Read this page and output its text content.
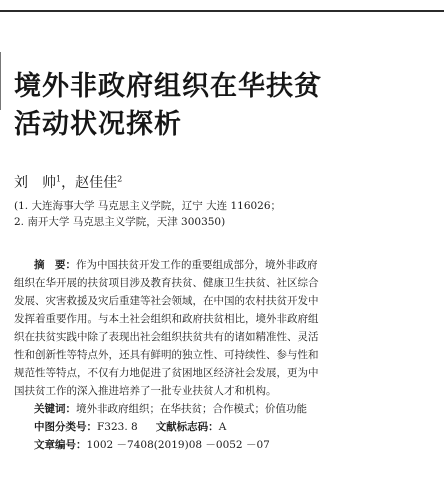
境外非政府组织在华扶贫
活动状况探析
刘　帅$^1$，赵佳佳$^2$
(1. 大连海事大学 马克思主义学院，辽宁 大连 116026；
2. 南开大学 马克思主义学院，天津 300350)
摘　要：作为中国扶贫开发工作的重要组成部分，境外非政府
组织在华开展的扶贫项目涉及教育扶贫、健康卫生扶贫、社区综合
发展、灾害救援及灾后重建等社会领域，在中国的农村扶贫开发中
发挥着重要作用。与本土社会组织和政府扶贫相比，境外非政府组
织在扶贫实践中除了表现出社会组织扶贫共有的诸如精准性、灵活
性和创新性等特点外，还具有鲜明的独立性、可持续性、参与性和
规范性等特点，不仅有力地促进了贫困地区经济社会发展，更为中
国扶贫工作的深入推进培养了一批专业扶贫人才和机构。
关键词：境外非政府组织；在华扶贫；合作模式；价值功能
中图分类号：F323. 8 文献标志码：A
文章编号：1002 －7408(2019)08 －0052 －07
